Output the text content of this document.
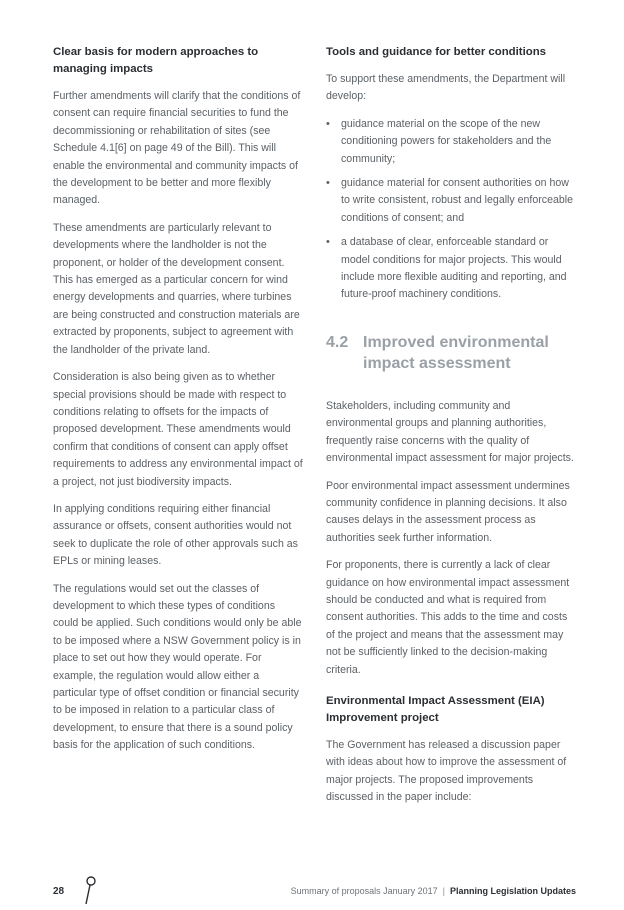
Clear basis for modern approaches to managing impacts

Further amendments will clarify that the conditions of consent can require financial securities to fund the decommissioning or rehabilitation of sites (see Schedule 4.1[6] on page 49 of the Bill). This will enable the environmental and community impacts of the development to be better and more flexibly managed.

These amendments are particularly relevant to developments where the landholder is not the proponent, or holder of the development consent. This has emerged as a particular concern for wind energy developments and quarries, where turbines are being constructed and construction materials are extracted by proponents, subject to agreement with the landholder of the private land.

Consideration is also being given as to whether special provisions should be made with respect to conditions relating to offsets for the impacts of proposed development. These amendments would confirm that conditions of consent can apply offset requirements to address any environmental impact of a project, not just biodiversity impacts.

In applying conditions requiring either financial assurance or offsets, consent authorities would not seek to duplicate the role of other approvals such as EPLs or mining leases.

The regulations would set out the classes of development to which these types of conditions could be applied. Such conditions would only be able to be imposed where a NSW Government policy is in place to set out how they would operate. For example, the regulation would allow either a particular type of offset condition or financial security to be imposed in relation to a particular class of development, to ensure that there is a sound policy basis for the application of such conditions.

Tools and guidance for better conditions

To support these amendments, the Department will develop:

• guidance material on the scope of the new conditioning powers for stakeholders and the community;
• guidance material for consent authorities on how to write consistent, robust and legally enforceable conditions of consent; and
• a database of clear, enforceable standard or model conditions for major projects. This would include more flexible auditing and reporting, and future-proof machinery conditions.
4.2 Improved environmental impact assessment

Stakeholders, including community and environmental groups and planning authorities, frequently raise concerns with the quality of environmental impact assessment for major projects.

Poor environmental impact assessment undermines community confidence in planning decisions. It also causes delays in the assessment process as authorities seek further information.

For proponents, there is currently a lack of clear guidance on how environmental impact assessment should be conducted and what is required from consent authorities. This adds to the time and costs of the project and means that the assessment may not be sufficiently linked to the decision-making criteria.

Environmental Impact Assessment (EIA) Improvement project

The Government has released a discussion paper with ideas about how to improve the assessment of major projects. The proposed improvements discussed in the paper include:

28	Summary of proposals January 2017 | Planning Legislation Updates
